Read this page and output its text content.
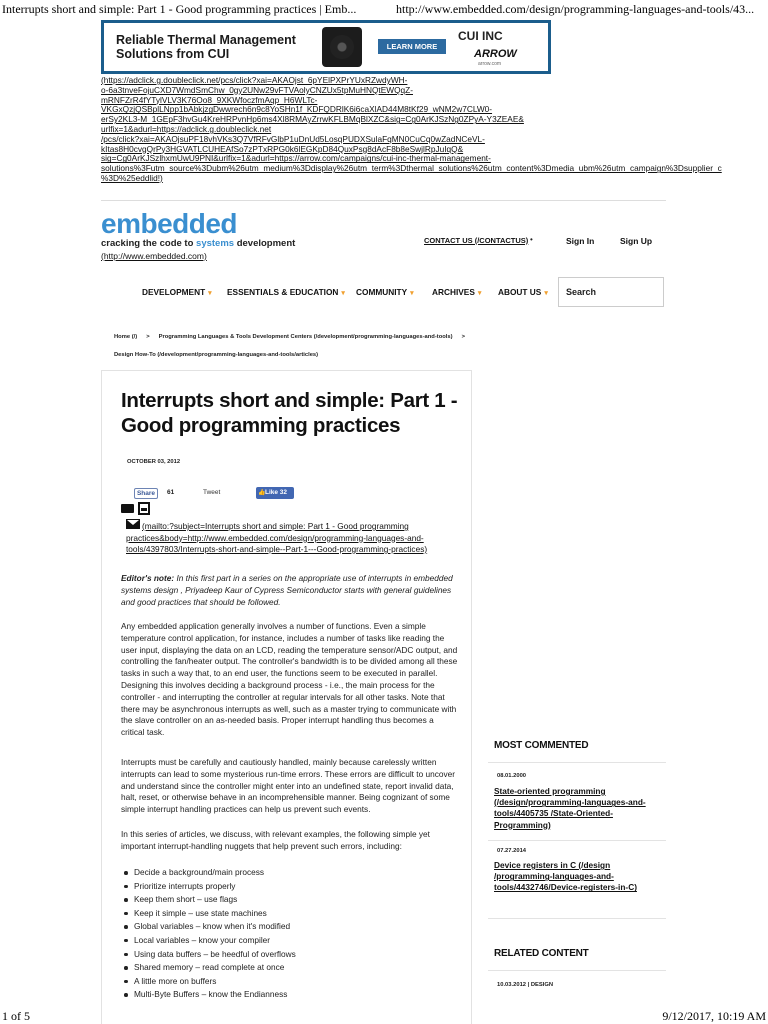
Interrupts short and simple: Part 1 - Good programming practices | Emb...	http://www.embedded.com/design/programming-languages-and-tools/43...
Reliable Thermal Management
Solutions from CUI
LEARN MORE
CUI INC
ARROW
arrow.com
(https://adclick.g.doubleclick.net/pcs/click?xai=AKAOjst_6pYElPXPrYUxRZwdyWH-
o-6a3tnveFojuCXD7WmdSmChw_0gy2UNw29vFTVAolyCNZUx5tpMuHNQtEWQqZ-
mRNFZrR4fYTylVLV3K76Oo8_9XKWfoczfmAqp_H6WLTc-
VKGxQzjQSBplLNpp1bAbkjzgDwwrech6n9c8YoSHn1f_KDFQDRlK6i6caXlAD44M8tKf29_wNM2w7CLW0-
erSy2KL3-M_1GEpF3hvGu4KreHRPvnHp6ms4Xl8RMAyZrrwKFLBMqBlXZC&sig=Cg0ArKJSzNg0ZPyA-Y3ZEAE&
urlfix=1&adurl=https://adclick.g.doubleclick.net
/pcs/click?xai=AKAOjsuPF18vhVKs3Q7VfRFvGlbP1uDnUd5LosqPUDXSulaFqMN0CuCq0wZadNCeVL-
kItas8H0cvgQrPy3HGVATLCUHEAfSo7zPTxRPG0k6lEGKpD84QuxPsg8dAcF8b8eSwjlRpJuIqQ&
sig=Cg0ArKJSzlhxmUwU9PNI&urlfix=1&adurl=https://arrow.com/campaigns/cui-inc-thermal-management-
solutions%3Futm_source%3Dubm%26utm_medium%3Ddisplay%26utm_term%3Dthermal_solutions%26utm_content%3Dmedia_ubm%26utm_campaign%3Dsupplier_c
%3D%25eddlid!)
embedded
cracking the code to systems development
(http://www.embedded.com)
CONTACT US (/CONTACTUS) •	Sign In	Sign Up
DEVELOPMENT ▾ ESSENTIALS & EDUCATION ▾ COMMUNITY ▾ ARCHIVES ▾ ABOUT US ▾	Search
Home (/) > Programming Languages & Tools Development Centers (/development/programming-languages-and-tools) >
Design How-To (/development/programming-languages-and-tools/articles)
Interrupts short and simple: Part 1 - Good programming practices
OCTOBER 03, 2012
Share	61	Tweet	👍 Like 32
(mailto:?subject=Interrupts short and simple: Part 1 - Good programming practices&body=http://www.embedded.com/design/programming-languages-and-tools/4397803/Interrupts-short-and-simple--Part-1---Good-programming-practices)

Editor's note: In this first part in a series on the appropriate use of interrupts in embedded systems design , Priyadeep Kaur of Cypress Semiconductor starts with general guidelines and good practices that should be followed.

Any embedded application generally involves a number of functions. Even a simple temperature control application, for instance, includes a number of tasks like reading the user input, displaying the data on an LCD, reading the temperature sensor/ADC output, and controlling the fan/heater output. The controller's bandwidth is to be divided among all these tasks in such a way that, to an end user, the functions seem to be executed in parallel. Designing this involves deciding a background process - i.e., the main process for the controller - and interrupting the controller at regular intervals for all other tasks. Note that there may be asynchronous interrupts as well, such as a master trying to communicate with the slave controller on an as-needed basis. Proper interrupt handling thus becomes a critical task.

Interrupts must be carefully and cautiously handled, mainly because carelessly written interrupts can lead to some mysterious run-time errors. These errors are difficult to uncover and understand since the controller might enter into an undefined state, report invalid data, halt, reset, or otherwise behave in an incomprehensible manner. Being cognizant of some simple interrupt handling practices can help us prevent such events.

In this series of articles, we discuss, with relevant examples, the following simple yet important interrupt-handling nuggets that help prevent such errors, including:

Decide a background/main process
Prioritize interrupts properly
Keep them short – use flags
Keep it simple – use state machines
Global variables – know when it's modified
Local variables – know your compiler
Using data buffers – be heedful of overflows
Shared memory – read complete at once
A little more on buffers
Multi-Byte Buffers – know the Endianness
MOST COMMENTED
08.01.2000
State-oriented programming (/design/programming-languages-and-tools/4405735 /State-Oriented-Programming)
07.27.2014
Device registers in C (/design /programming-languages-and-tools/4432746/Device-registers-in-C)
RELATED CONTENT
10.03.2012 | DESIGN
1 of 5	9/12/2017, 10:19 AM
